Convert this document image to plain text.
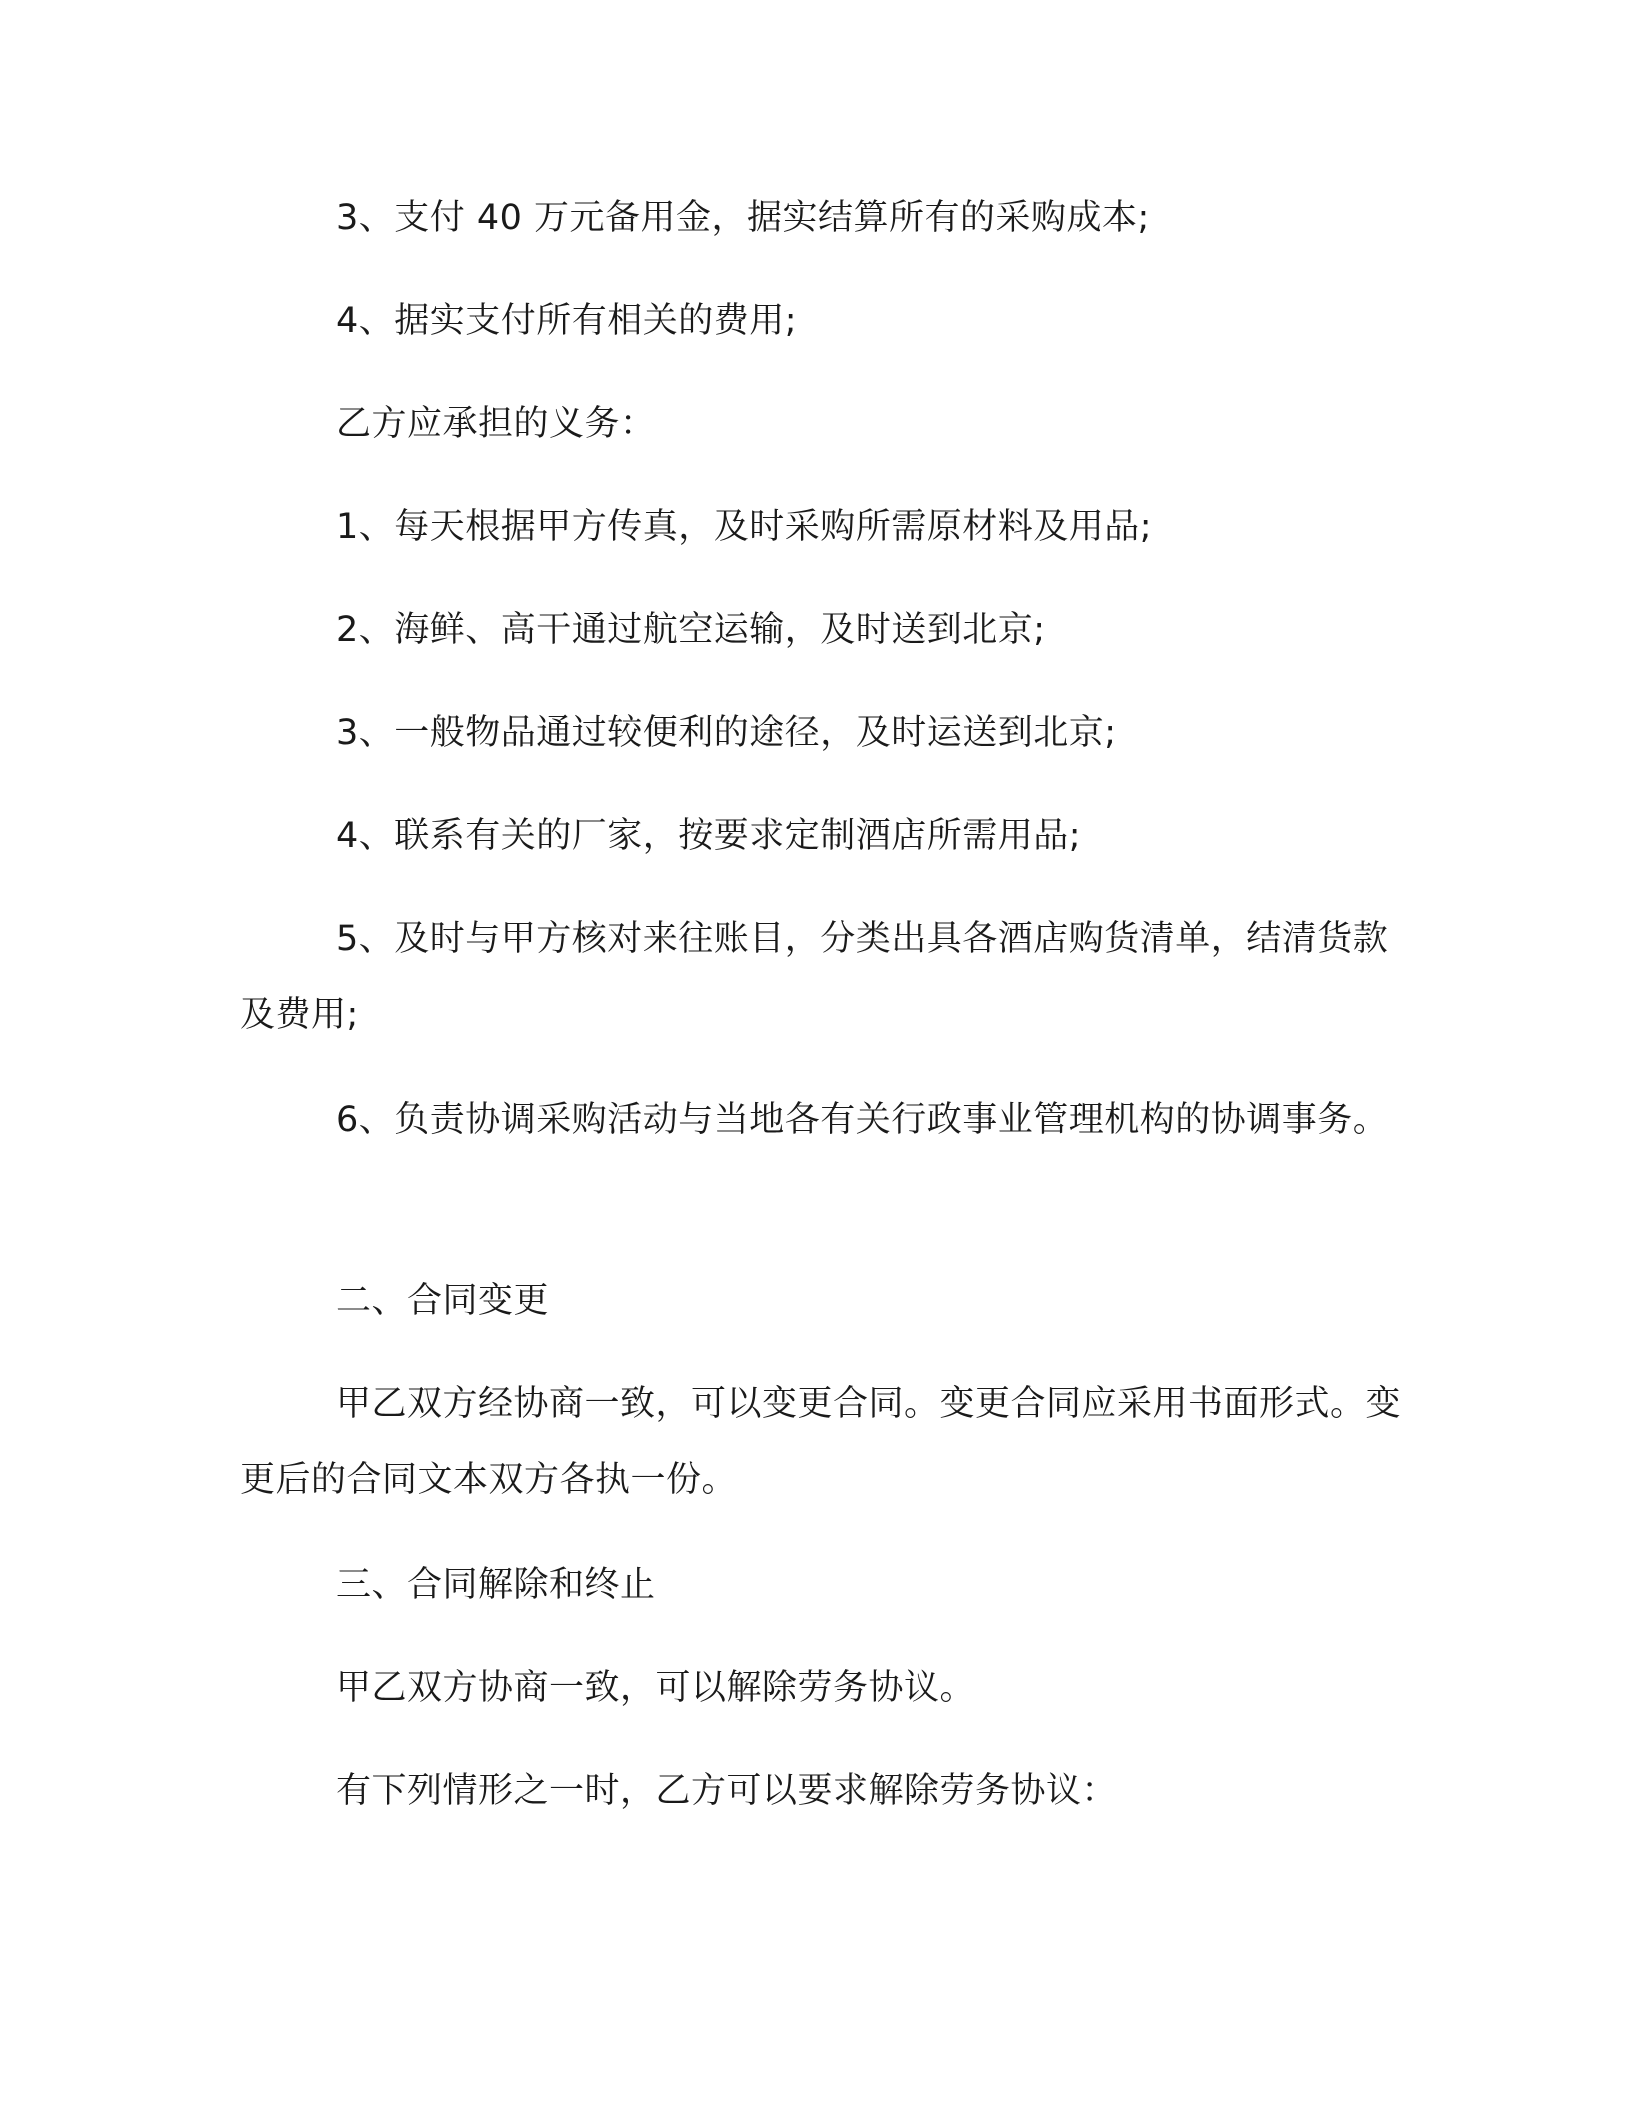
3、支付 40 万元备用金，据实结算所有的采购成本;

4、据实支付所有相关的费用;

乙方应承担的义务：

1、每天根据甲方传真，及时采购所需原材料及用品;

2、海鲜、高干通过航空运输，及时送到北京;

3、一般物品通过较便利的途径，及时运送到北京;

4、联系有关的厂家，按要求定制酒店所需用品;

5、及时与甲方核对来往账目，分类出具各酒店购货清单，结清货款及费用;

6、负责协调采购活动与当地各有关行政事业管理机构的协调事务。

二、合同变更

甲乙双方经协商一致，可以变更合同。变更合同应采用书面形式。变更后的合同文本双方各执一份。

三、合同解除和终止

甲乙双方协商一致，可以解除劳务协议。

有下列情形之一时，乙方可以要求解除劳务协议：
